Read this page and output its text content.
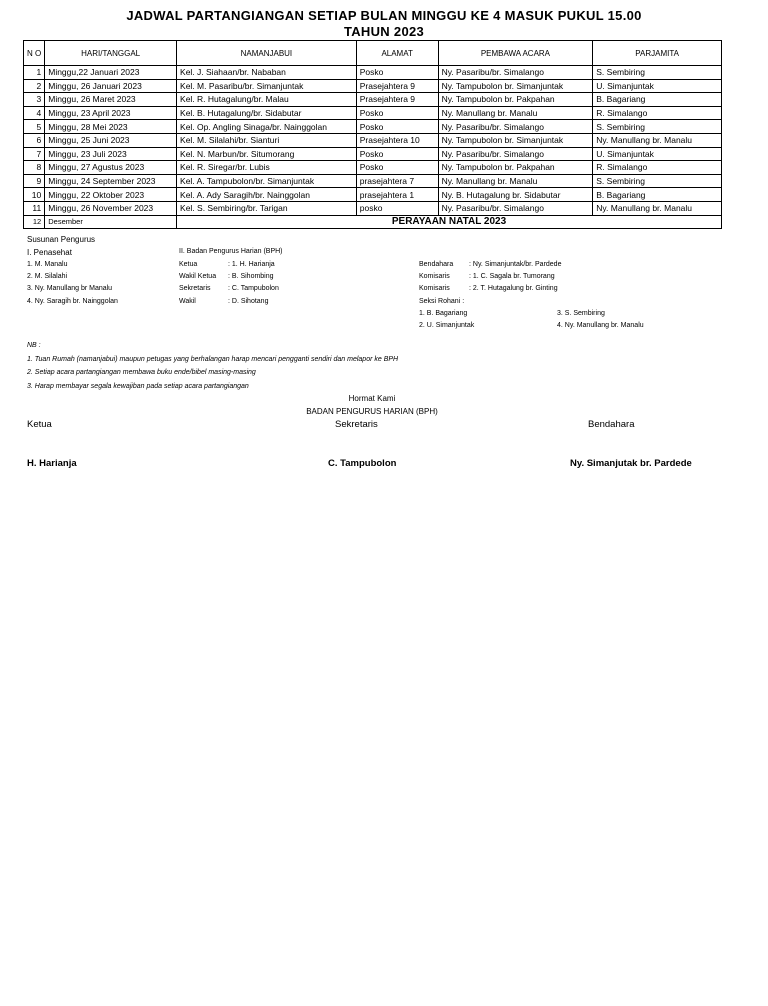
JADWAL PARTANGIANGAN SETIAP BULAN MINGGU KE 4 MASUK PUKUL 15.00
TAHUN 2023
N O	HARI/TANGGAL	NAMANJABUI	ALAMAT	PEMBAWA ACARA	PARJAMITA
1	Minggu,22 Januari 2023	Kel. J. Siahaan/br. Nababan	Posko	Ny. Pasaribu/br. Simalango	S. Sembiring
2	Minggu, 26 Januari 2023	Kel. M. Pasaribu/br. Simanjuntak	Prasejahtera 9	Ny. Tampubolon br. Simanjuntak	U. Simanjuntak
3	Minggu, 26 Maret 2023	Kel. R. Hutagalung/br. Malau	Prasejahtera 9	Ny. Tampubolon br. Pakpahan	B. Bagariang
4	Minggu, 23 April 2023	Kel. B. Hutagalung/br. Sidabutar	Posko	Ny. Manullang br. Manalu	R. Simalango
5	Minggu, 28 Mei 2023	Kel. Op. Angling Sinaga/br. Nainggolan	Posko	Ny. Pasaribu/br. Simalango	S. Sembiring
6	Minggu, 25 Juni 2023	Kel. M. Silalahi/br. Sianturi	Prasejahtera 10	Ny. Tampubolon br. Simanjuntak	Ny. Manullang br. Manalu
7	Minggu, 23 Juli 2023	Kel. N. Marbun/br. Situmorang	Posko	Ny. Pasaribu/br. Simalango	U. Simanjuntak
8	Minggu, 27 Agustus 2023	Kel. R. Siregar/br. Lubis	Posko	Ny. Tampubolon br. Pakpahan	R. Simalango
9	Minggu, 24 September 2023	Kel. A. Tampubolon/br. Simanjuntak	prasejahtera 7	Ny. Manullang br. Manalu	S. Sembiring
10	Minggu, 22 Oktober 2023	Kel. A. Ady Saragih/br. Nainggolan	prasejahtera 1	Ny. B. Hutagalung br. Sidabutar	B. Bagariang
11	Minggu, 26 November 2023	Kel. S. Sembiring/br. Tarigan	posko	Ny. Pasaribu/br. Simalango	Ny. Manullang br. Manalu
12	Desember	PERAYAAN NATAL 2023			
Susunan Pengurus
I. Penasehat
1. M. Manalu
2. M. Silalahi
3. Ny. Manullang br Manalu
4. Ny. Saragih br. Nainggolan
II. Badan Pengurus Harian (BPH)
Ketua	: 1. H. Harianja
Wakil Ketua : B. Sihombing
Sekretaris : C. Tampubolon
Wakil	: D. Sihotang
Bendahara : Ny. Simanjuntak/br. Pardede
Komisaris	: 1. C. Sagala br. Tumorang
Komisaris	: 2. T. Hutagalung br. Ginting
Seksi Rohani :
1. B. Bagariang	3. S. Sembiring
2. U. Simanjuntak	4. Ny. Manullang br. Manalu
NB :
1. Tuan Rumah (namanjabui) maupun petugas yang berhalangan harap mencari pengganti sendiri dan melapor ke BPH
2. Setiap acara partangiangan membawa buku ende/bibel masing-masing
3. Harap membayar segala kewajiban pada setiap acara partangiangan
Hormat Kami
BADAN PENGURUS HARIAN (BPH)
Ketua	Sekretaris	Bendahara
H. Harianja	C. Tampubolon	Ny. Simanjutak br. Pardede
